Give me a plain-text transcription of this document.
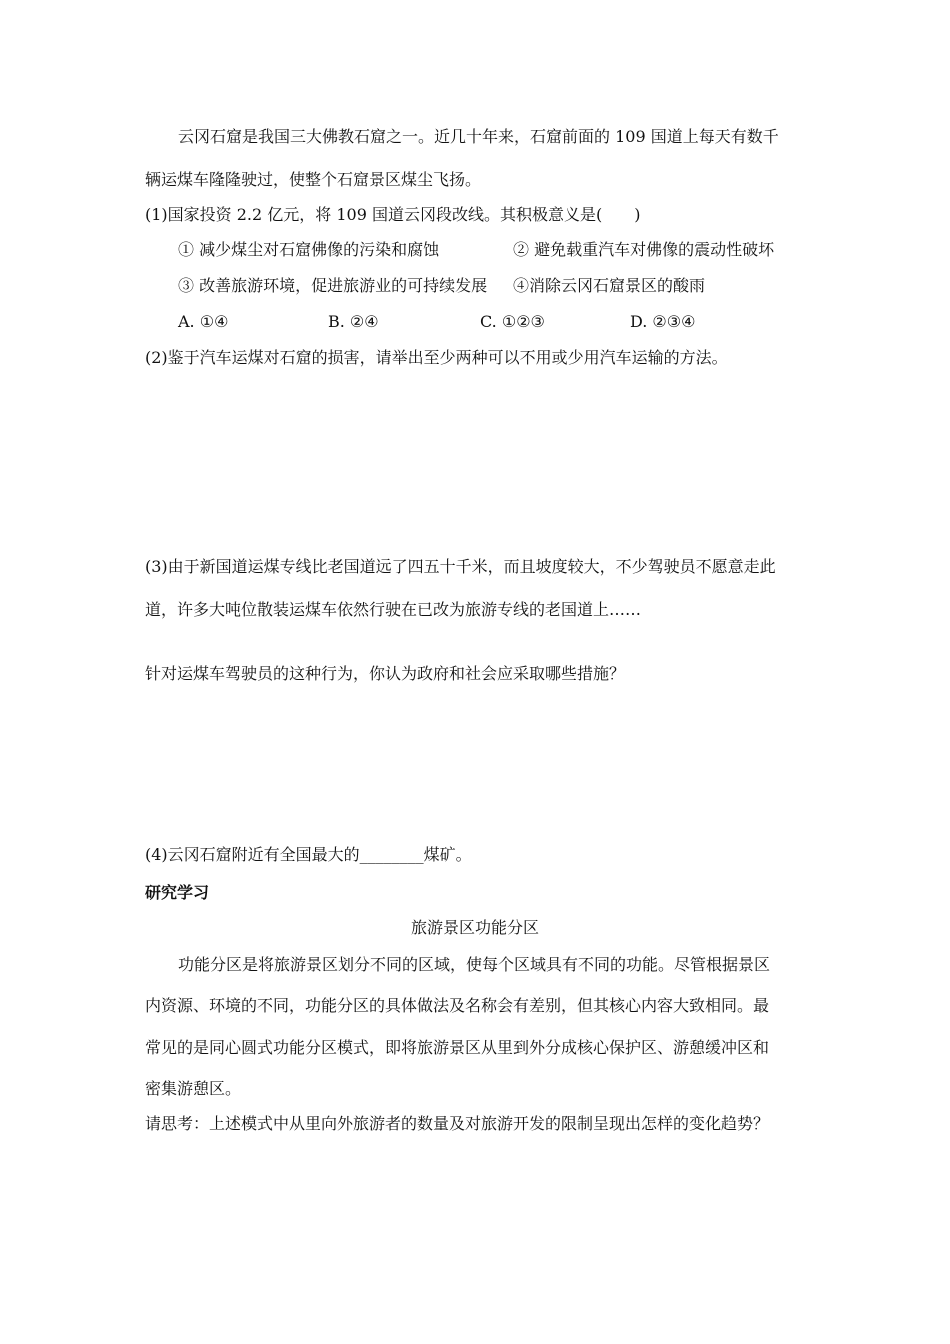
云冈石窟是我国三大佛教石窟之一。近几十年来，石窟前面的 109 国道上每天有数千
辆运煤车隆隆驶过，使整个石窟景区煤尘飞扬。
(1)国家投资 2.2 亿元，将 109 国道云冈段改线。其积极意义是(　　)
① 减少煤尘对石窟佛像的污染和腐蚀	② 避免载重汽车对佛像的震动性破坏
③ 改善旅游环境，促进旅游业的可持续发展 ④消除云冈石窟景区的酸雨
A. ①④	B. ②④	C. ①②③	D. ②③④
(2)鉴于汽车运煤对石窟的损害，请举出至少两种可以不用或少用汽车运输的方法。
(3)由于新国道运煤专线比老国道远了四五十千米，而且坡度较大，不少驾驶员不愿意走此
道，许多大吨位散装运煤车依然行驶在已改为旅游专线的老国道上……
针对运煤车驾驶员的这种行为，你认为政府和社会应采取哪些措施？
(4)云冈石窟附近有全国最大的________煤矿。
研究学习
旅游景区功能分区
功能分区是将旅游景区划分不同的区域，使每个区域具有不同的功能。尽管根据景区
内资源、环境的不同，功能分区的具体做法及名称会有差别，但其核心内容大致相同。最
常见的是同心圆式功能分区模式，即将旅游景区从里到外分成核心保护区、游憩缓冲区和
密集游憩区。
请思考：上述模式中从里向外旅游者的数量及对旅游开发的限制呈现出怎样的变化趋势？
